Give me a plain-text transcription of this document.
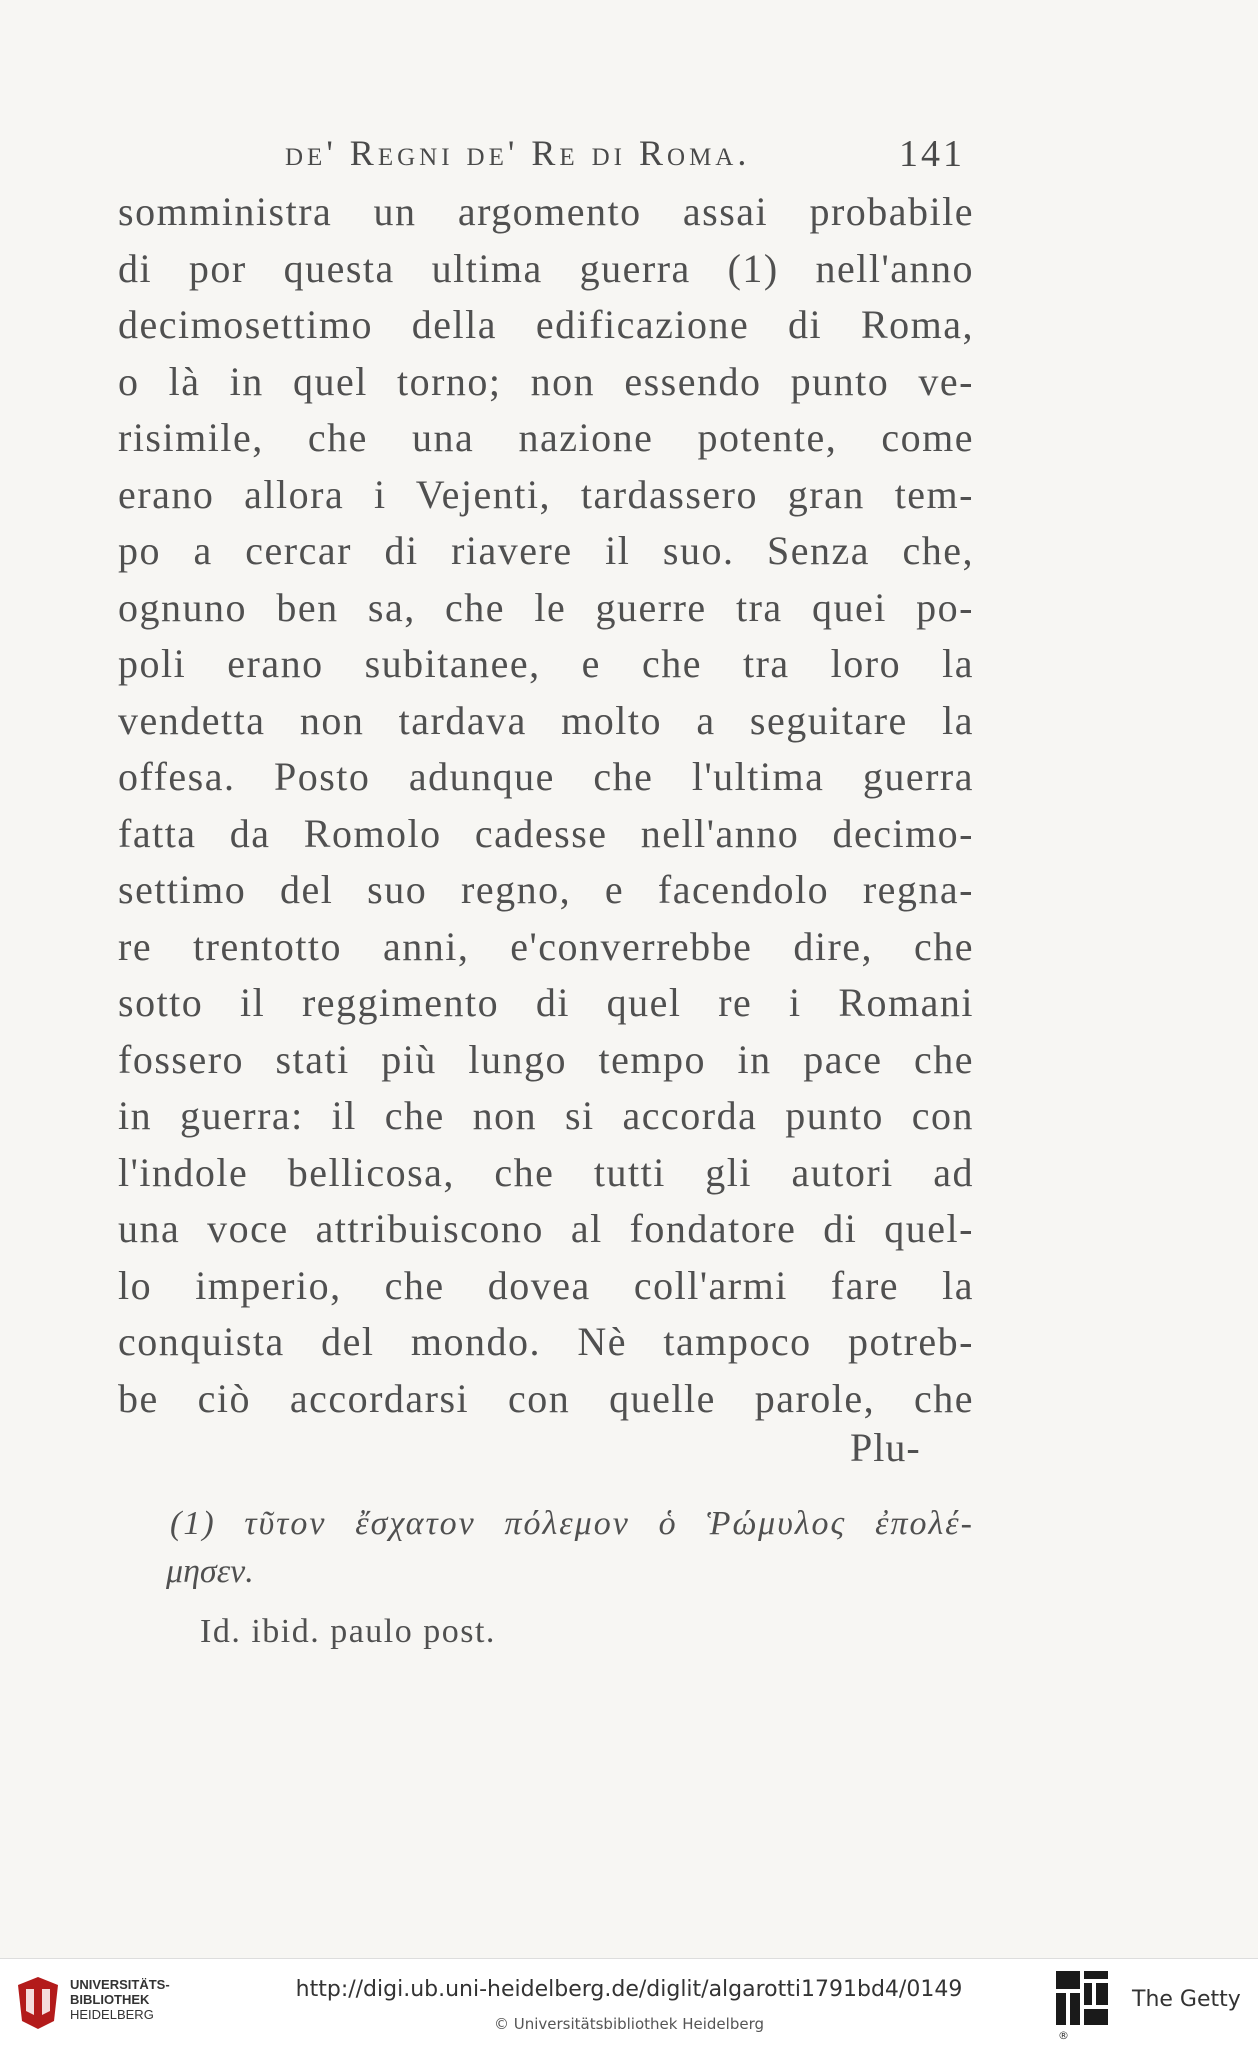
de' Regni de' Re di Roma.	141
somministra un argomento assai probabile
di por questa ultima guerra (1) nell'anno
decimosettimo della edificazione di Roma,
o là in quel torno; non essendo punto ve-
risimile, che una nazione potente, come
erano allora i Vejenti, tardassero gran tem-
po a cercar di riavere il suo. Senza che,
ognuno ben sa, che le guerre tra quei po-
poli erano subitanee, e che tra loro la
vendetta non tardava molto a seguitare la
offesa. Posto adunque che l'ultima guerra
fatta da Romolo cadesse nell'anno decimo-
settimo del suo regno, e facendolo regna-
re trentotto anni, e'converrebbe dire, che
sotto il reggimento di quel re i Romani
fossero stati più lungo tempo in pace che
in guerra: il che non si accorda punto con
l'indole bellicosa, che tutti gli autori ad
una voce attribuiscono al fondatore di quel-
lo imperio, che dovea coll'armi fare la
conquista del mondo. Nè tampoco potreb-
be ciò accordarsi con quelle parole, che
Plu-
(1) τῦτον ἔσχατον πόλεμον ὁ Ῥώμυλος ἐπολέ-
μησεν.
Id. ibid. paulo post.
UNIVERSITÄTS-
BIBLIOTHEK
HEIDELBERG
http://digi.ub.uni-heidelberg.de/diglit/algarotti1791bd4/0149
© Universitätsbibliothek Heidelberg
®
The Getty
